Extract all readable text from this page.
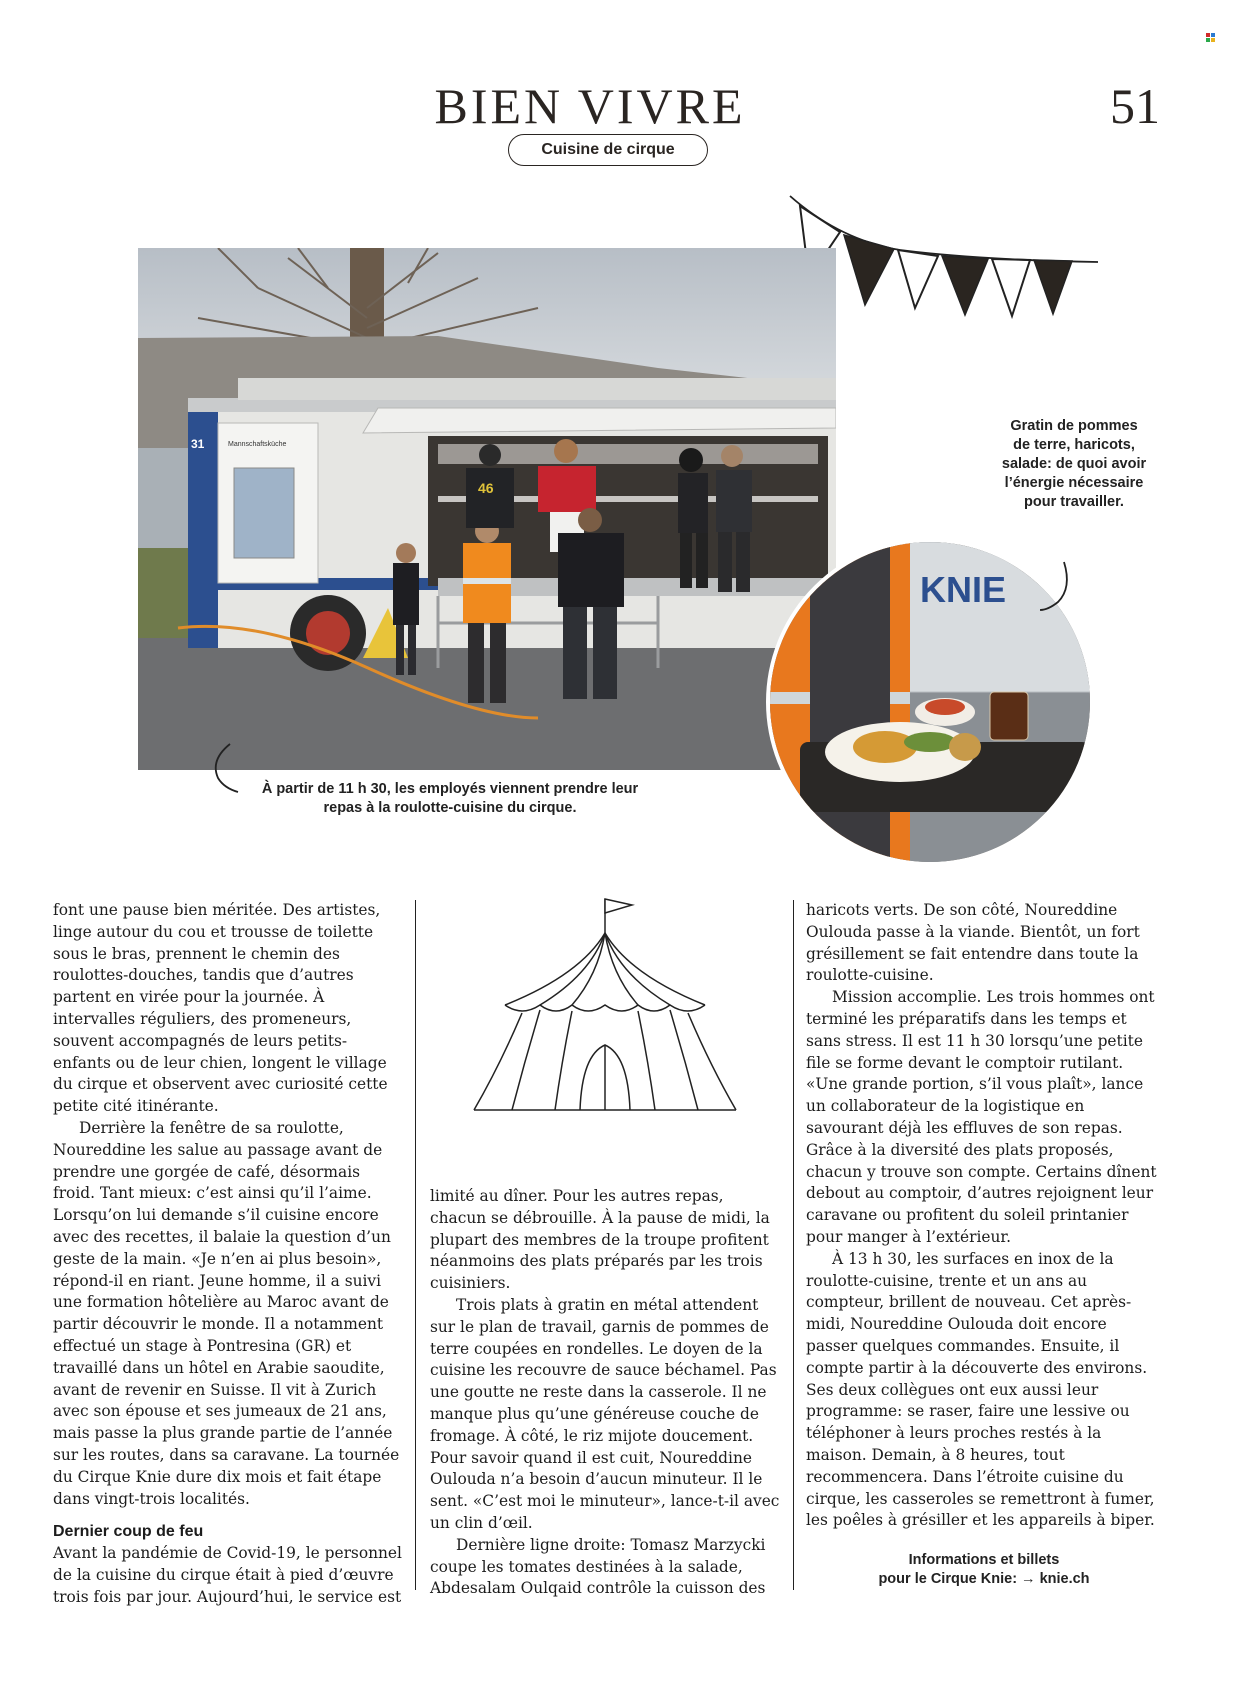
BIEN VIVRE	51
Cuisine de cirque
Mannschaftsküche
31
46
KNIE
À partir de 11 h 30, les employés viennent prendre leur repas à la roulotte-cuisine du cirque.
Gratin de pommes de terre, haricots, salade: de quoi avoir l’énergie nécessaire pour travailler.

font une pause bien méritée. Des artistes, linge autour du cou et trousse de toilette sous le bras, prennent le chemin des roulottes-douches, tandis que d’autres partent en virée pour la journée. À intervalles réguliers, des promeneurs, souvent accompagnés de leurs petits-enfants ou de leur chien, longent le village du cirque et observent avec curiosité cette petite cité itinérante.

Derrière la fenêtre de sa roulotte, Noureddine les salue au passage avant de prendre une gorgée de café, désormais froid. Tant mieux: c’est ainsi qu’il l’aime. Lorsqu’on lui demande s’il cuisine encore avec des recettes, il balaie la question d’un geste de la main. «Je n’en ai plus besoin», répond-il en riant. Jeune homme, il a suivi une formation hôtelière au Maroc avant de partir découvrir le monde. Il a notamment effectué un stage à Pontresina (GR) et travaillé dans un hôtel en Arabie saoudite, avant de revenir en Suisse. Il vit à Zurich avec son épouse et ses jumeaux de 21 ans, mais passe la plus grande partie de l’année sur les routes, dans sa caravane. La tournée du Cirque Knie dure dix mois et fait étape dans vingt-trois localités.

Dernier coup de feu

Avant la pandémie de Covid-19, le personnel de la cuisine du cirque était à pied d’œuvre trois fois par jour. Aujourd’hui, le service est

limité au dîner. Pour les autres repas, chacun se débrouille. À la pause de midi, la plupart des membres de la troupe profitent néanmoins des plats préparés par les trois cuisiniers.

Trois plats à gratin en métal attendent sur le plan de travail, garnis de pommes de terre coupées en rondelles. Le doyen de la cuisine les recouvre de sauce béchamel. Pas une goutte ne reste dans la casserole. Il ne manque plus qu’une généreuse couche de fromage. À côté, le riz mijote doucement. Pour savoir quand il est cuit, Noureddine Oulouda n’a besoin d’aucun minuteur. Il le sent. «C’est moi le minuteur», lance-t-il avec un clin d’œil.

Dernière ligne droite: Tomasz Marzycki coupe les tomates destinées à la salade, Abdesalam Oulqaid contrôle la cuisson des

haricots verts. De son côté, Noureddine Oulouda passe à la viande. Bientôt, un fort grésillement se fait entendre dans toute la roulotte-cuisine.

Mission accomplie. Les trois hommes ont terminé les préparatifs dans les temps et sans stress. Il est 11 h 30 lorsqu’une petite file se forme devant le comptoir rutilant. «Une grande portion, s’il vous plaît», lance un collaborateur de la logistique en savourant déjà les effluves de son repas. Grâce à la diversité des plats proposés, chacun y trouve son compte. Certains dînent debout au comptoir, d’autres rejoignent leur caravane ou profitent du soleil printanier pour manger à l’extérieur.

À 13 h 30, les surfaces en inox de la roulotte-cuisine, trente et un ans au compteur, brillent de nouveau. Cet après-midi, Noureddine Oulouda doit encore passer quelques commandes. Ensuite, il compte partir à la découverte des environs. Ses deux collègues ont eux aussi leur programme: se raser, faire une lessive ou téléphoner à leurs proches restés à la maison. Demain, à 8 heures, tout recommencera. Dans l’étroite cuisine du cirque, les casseroles se remettront à fumer, les poêles à grésiller et les appareils à biper.

Informations et billets
pour le Cirque Knie: → knie.ch
